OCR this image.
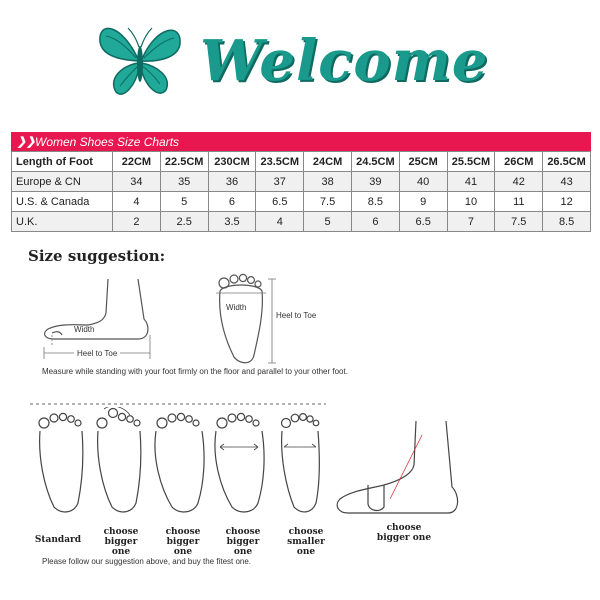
Welcome
❯❯ Women Shoes Size Charts
Length of Foot	22CM	22.5CM	230CM	23.5CM	24CM	24.5CM	25CM	25.5CM	26CM	26.5CM
Europe & CN	34	35	36	37	38	39	40	41	42	43
U.S. & Canada	4	5	6	6.5	7.5	8.5	9	10	11	12
U.K.	2	2.5	3.5	4	5	6	6.5	7	7.5	8.5
Size suggestion:
Width
Heel to Toe
Width
Heel to Toe
Measure while standing with your foot firmly on the floor and parallel to your other foot.
Standard
choose bigger one
choose bigger one
choose bigger one
choose smaller one
choose bigger one
Please follow our suggestion above, and buy the fitest one.
